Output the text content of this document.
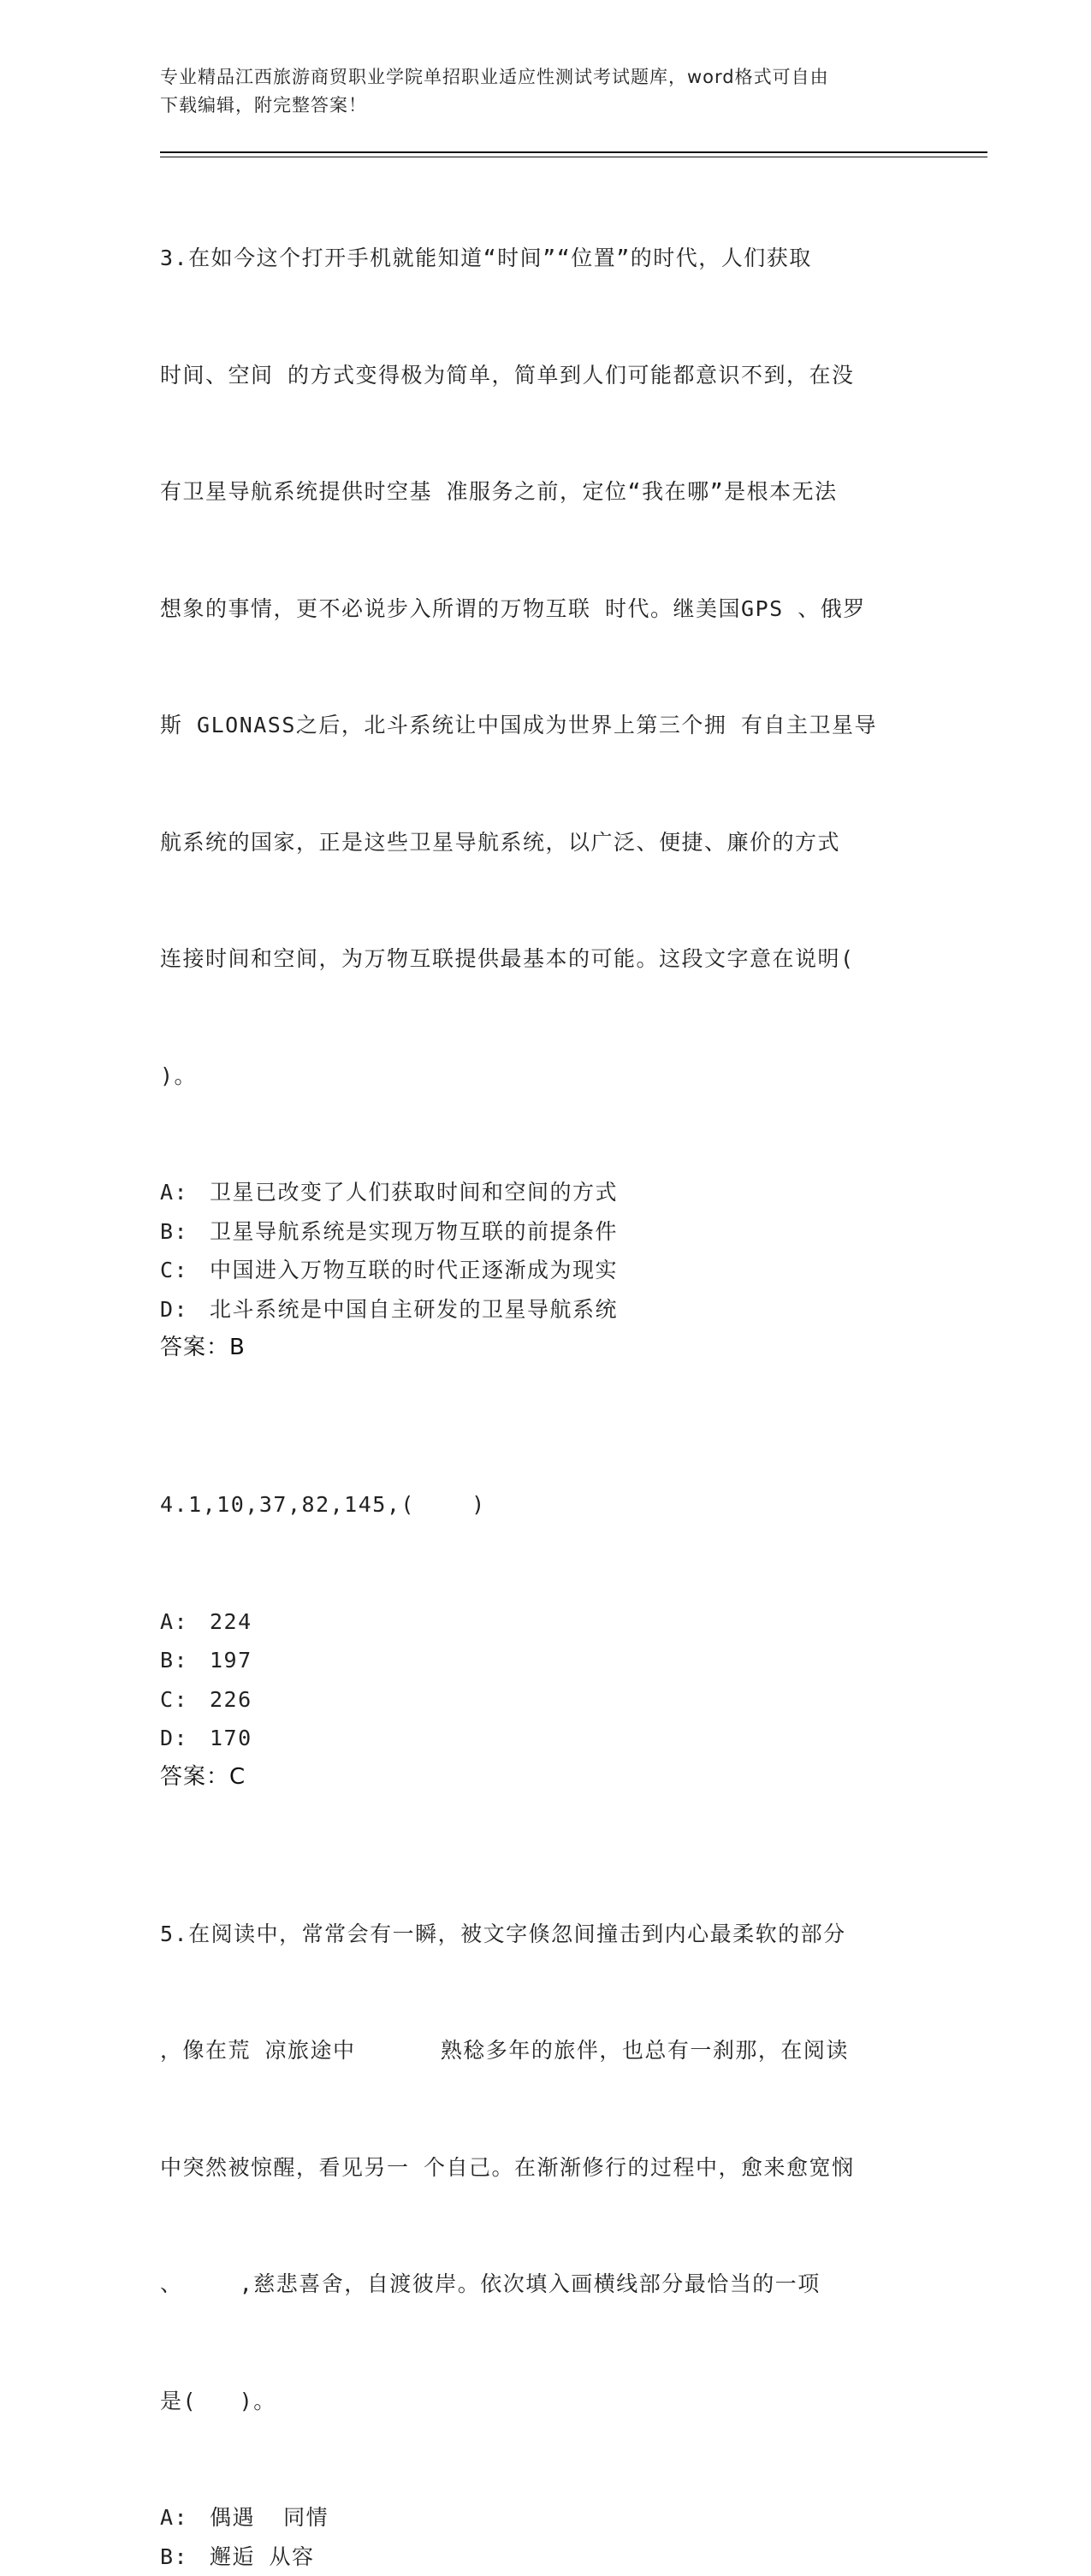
专业精品江西旅游商贸职业学院单招职业适应性测试考试题库，word格式可自由
下载编辑，附完整答案！

3.在如今这个打开手机就能知道“时间”“位置”的时代，人们获取

时间、空间 的方式变得极为简单，简单到人们可能都意识不到，在没

有卫星导航系统提供时空基 准服务之前，定位“我在哪”是根本无法

想象的事情，更不必说步入所谓的万物互联 时代。继美国GPS 、俄罗

斯 GLONASS之后，北斗系统让中国成为世界上第三个拥 有自主卫星导

航系统的国家，正是这些卫星导航系统，以广泛、便捷、廉价的方式

连接时间和空间，为万物互联提供最基本的可能。这段文字意在说明(

)。

A: 卫星已改变了人们获取时间和空间的方式
B: 卫星导航系统是实现万物互联的前提条件
C: 中国进入万物互联的时代正逐渐成为现实
D: 北斗系统是中国自主研发的卫星导航系统
答案：B

4.1,10,37,82,145,(    )

A: 224
B: 197
C: 226
D: 170
答案：C

5.在阅读中，常常会有一瞬，被文字倏忽间撞击到内心最柔软的部分

，像在荒 凉旅途中      熟稔多年的旅伴，也总有一刹那，在阅读

中突然被惊醒，看见另一 个自己。在渐渐修行的过程中，愈来愈宽悯

、    ,慈悲喜舍，自渡彼岸。依次填入画横线部分最恰当的一项

是(   )。

A: 偶遇  同情
B: 邂逅 从容
